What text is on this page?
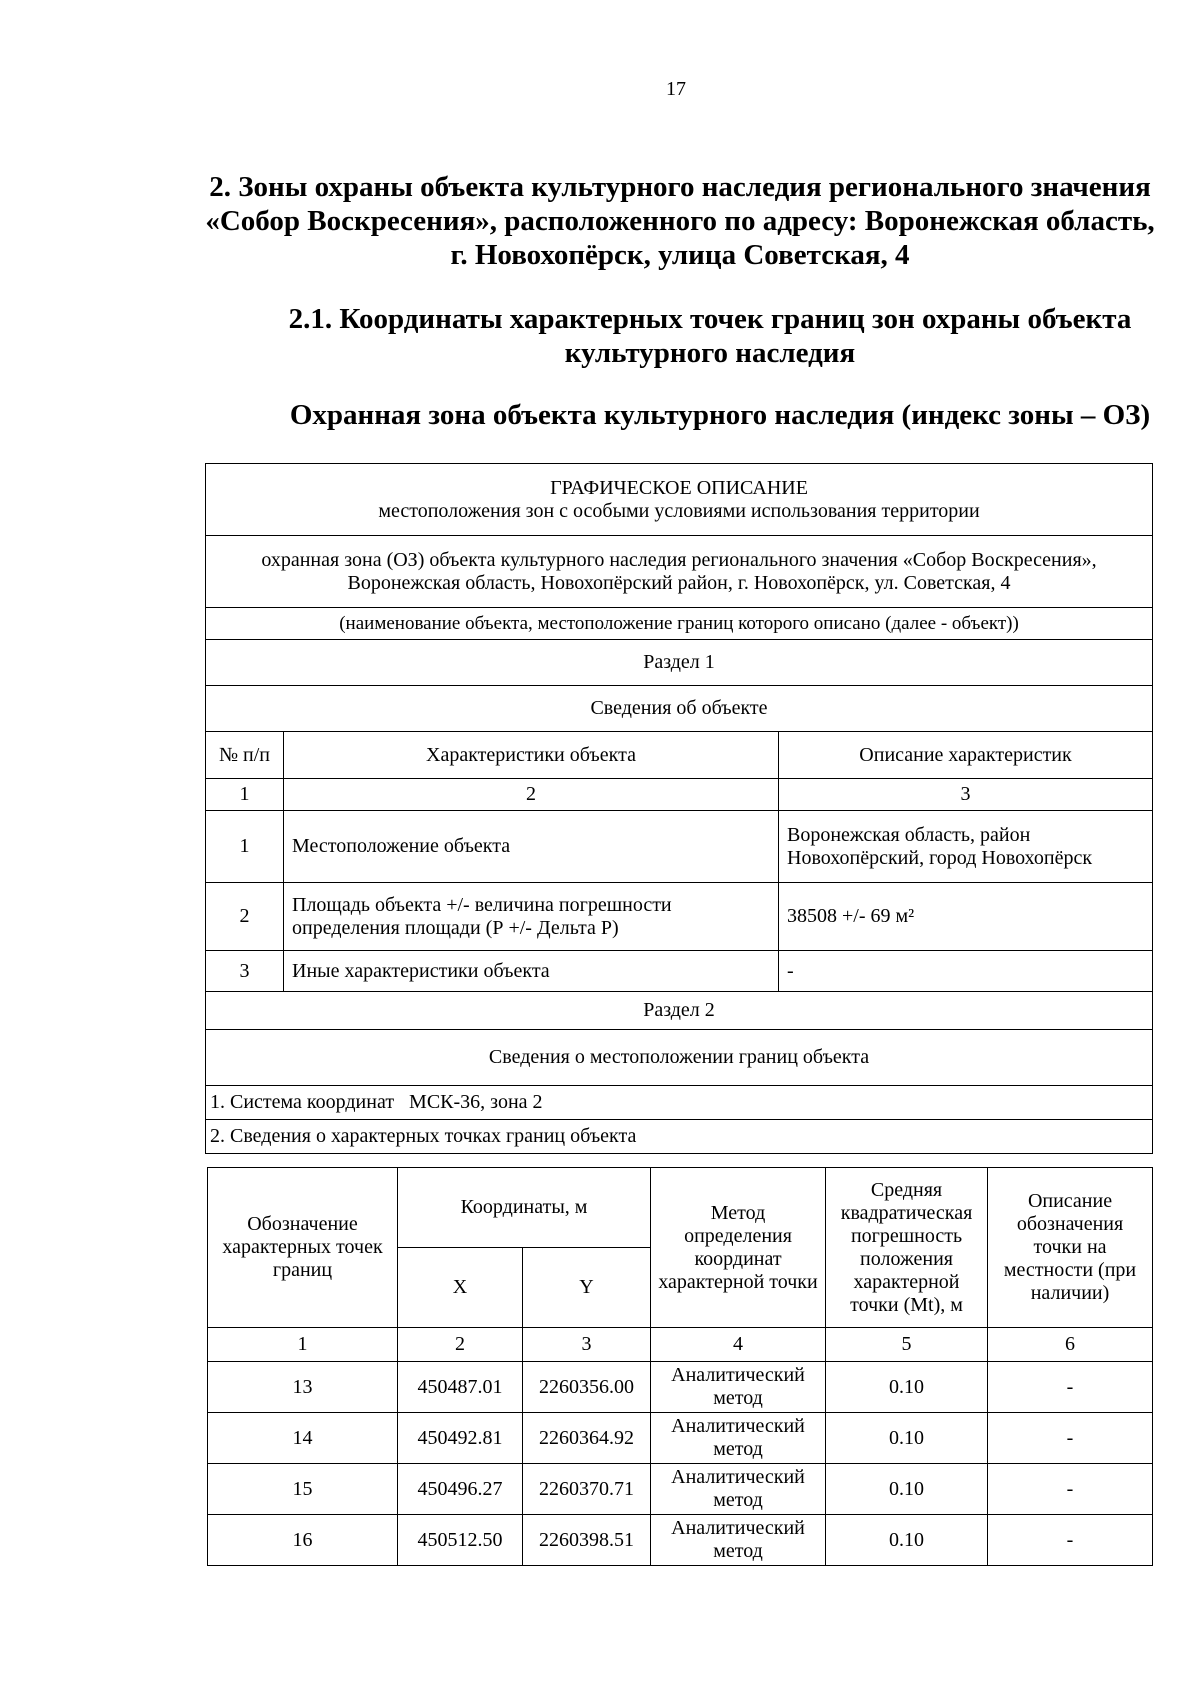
17
2. Зоны охраны объекта культурного наследия регионального значения «Собор Воскресения», расположенного по адресу: Воронежская область, г. Новохопёрск, улица Советская, 4
2.1. Координаты характерных точек границ зон охраны объекта культурного наследия
Охранная зона объекта культурного наследия (индекс зоны – ОЗ)
ГРАФИЧЕСКОЕ ОПИСАНИЕ
местоположения зон с особыми условиями использования территории		

охранная зона (ОЗ) объекта культурного наследия регионального значения «Собор Воскресения», Воронежская область, Новохопёрский район, г. Новохопёрск, ул. Советская, 4		
(наименование объекта, местоположение границ которого описано (далее - объект))		
Раздел 1		
Сведения об объекте		
№ п/п	Характеристики объекта	Описание характеристик
1	2	3
1	Местоположение объекта	Воронежская область, район Новохопёрский, город Новохопёрск
2	Площадь объекта +/- величина погрешности определения площади (Р +/- Дельта Р)	38508 +/- 69 м²
3	Иные характеристики объекта	-
Раздел 2		
Сведения о местоположении границ объекта		
1. Система координат   МСК-36, зона 2		
2. Сведения о характерных точках границ объекта		
Обозначение характерных точек границ	Координаты, м		Метод определения координат характерной точки	Средняя квадратическая погрешность положения характерной точки (Mt), м	Описание обозначения точки на местности (при наличии)
	X	Y			
1	2	3	4	5	6
13	450487.01	2260356.00	Аналитический метод	0.10	-
14	450492.81	2260364.92	Аналитический метод	0.10	-
15	450496.27	2260370.71	Аналитический метод	0.10	-
16	450512.50	2260398.51	Аналитический метод	0.10	-
